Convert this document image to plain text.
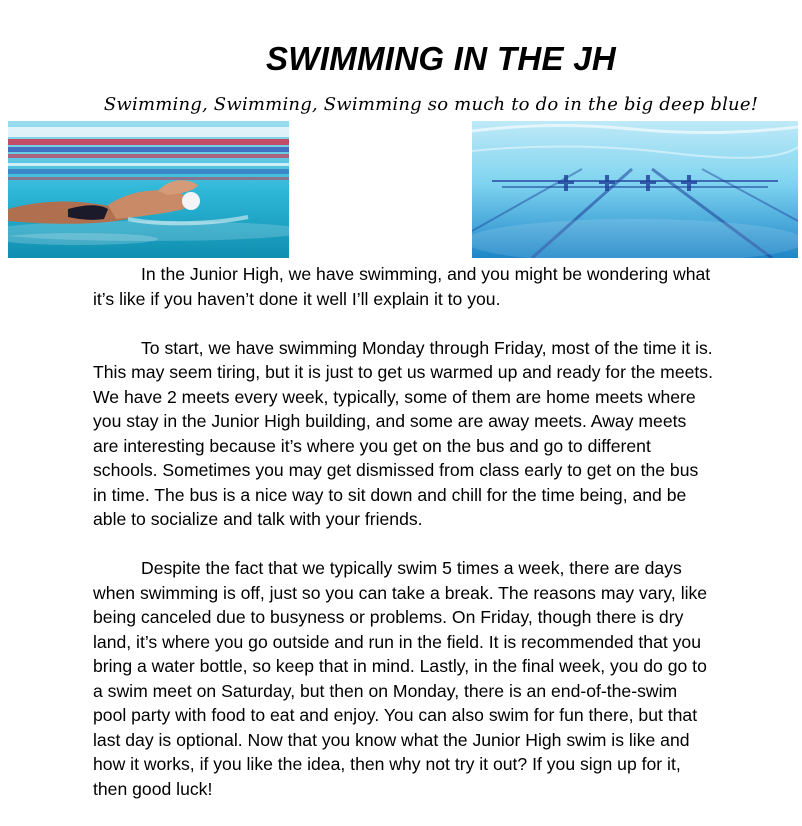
SWIMMING IN THE JH
Swimming, Swimming, Swimming so much to do in the big deep blue!

In the Junior High, we have swimming, and you might be wondering what it’s like if you haven’t done it well I’ll explain it to you.

To start, we have swimming Monday through Friday, most of the time it is. This may seem tiring, but it is just to get us warmed up and ready for the meets. We have 2 meets every week, typically, some of them are home meets where you stay in the Junior High building, and some are away meets. Away meets are interesting because it’s where you get on the bus and go to different schools. Sometimes you may get dismissed from class early to get on the bus in time. The bus is a nice way to sit down and chill for the time being, and be able to socialize and talk with your friends.

Despite the fact that we typically swim 5 times a week, there are days when swimming is off, just so you can take a break. The reasons may vary, like being canceled due to busyness or problems. On Friday, though there is dry land, it’s where you go outside and run in the field. It is recommended that you bring a water bottle, so keep that in mind. Lastly, in the final week, you do go to a swim meet on Saturday, but then on Monday, there is an end-of-the-swim pool party with food to eat and enjoy. You can also swim for fun there, but that last day is optional. Now that you know what the Junior High swim is like and how it works, if you like the idea, then why not try it out? If you sign up for it, then good luck!
